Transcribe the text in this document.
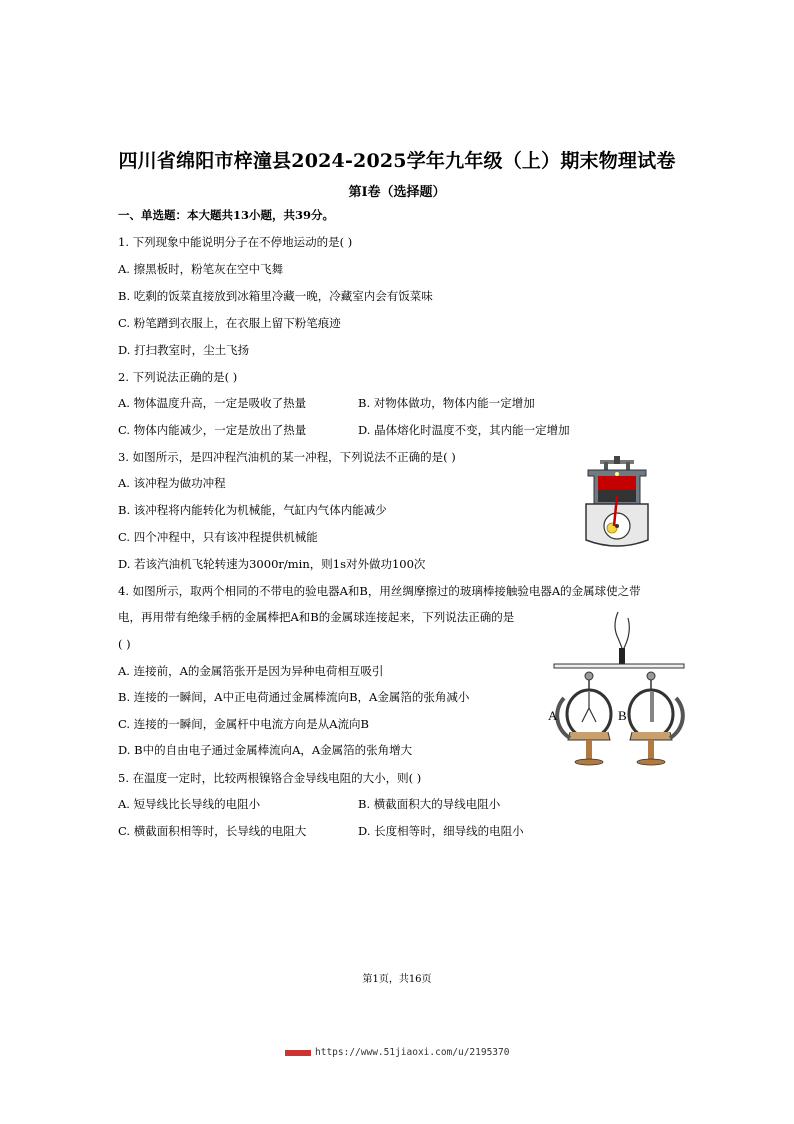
四川省绵阳市梓潼县2024-2025学年九年级（上）期末物理试卷
第I卷（选择题）
一、单选题：本大题共13小题，共39分。
1. 下列现象中能说明分子在不停地运动的是( )
A. 擦黑板时，粉笔灰在空中飞舞
B. 吃剩的饭菜直接放到冰箱里冷藏一晚，冷藏室内会有饭菜味
C. 粉笔蹭到衣服上，在衣服上留下粉笔痕迹
D. 打扫教室时，尘土飞扬
2. 下列说法正确的是( )
A. 物体温度升高，一定是吸收了热量	B. 对物体做功，物体内能一定增加
C. 物体内能减少，一定是放出了热量	D. 晶体熔化时温度不变，其内能一定增加
3. 如图所示，是四冲程汽油机的某一冲程，下列说法不正确的是( )
A. 该冲程为做功冲程
B. 该冲程将内能转化为机械能，气缸内气体内能减少
C. 四个冲程中，只有该冲程提供机械能
D. 若该汽油机飞轮转速为3000r/min，则1s对外做功100次
4. 如图所示，取两个相同的不带电的验电器A和B，用丝绸摩擦过的玻璃棒接触验电器A的金属球使之带
电，再用带有绝缘手柄的金属棒把A和B的金属球连接起来，下列说法正确的是
( )
A. 连接前，A的金属箔张开是因为异种电荷相互吸引
B. 连接的一瞬间，A中正电荷通过金属棒流向B，A金属箔的张角减小
C. 连接的一瞬间，金属杆中电流方向是从A流向B
D. B中的自由电子通过金属棒流向A，A金属箔的张角增大
A	B
5. 在温度一定时，比较两根镍铬合金导线电阻的大小，则( )
A. 短导线比长导线的电阻小	B. 横截面积大的导线电阻小
C. 横截面积相等时，长导线的电阻大	D. 长度相等时，细导线的电阻小
第1页，共16页
https://www.51jiaoxi.com/u/2195370
